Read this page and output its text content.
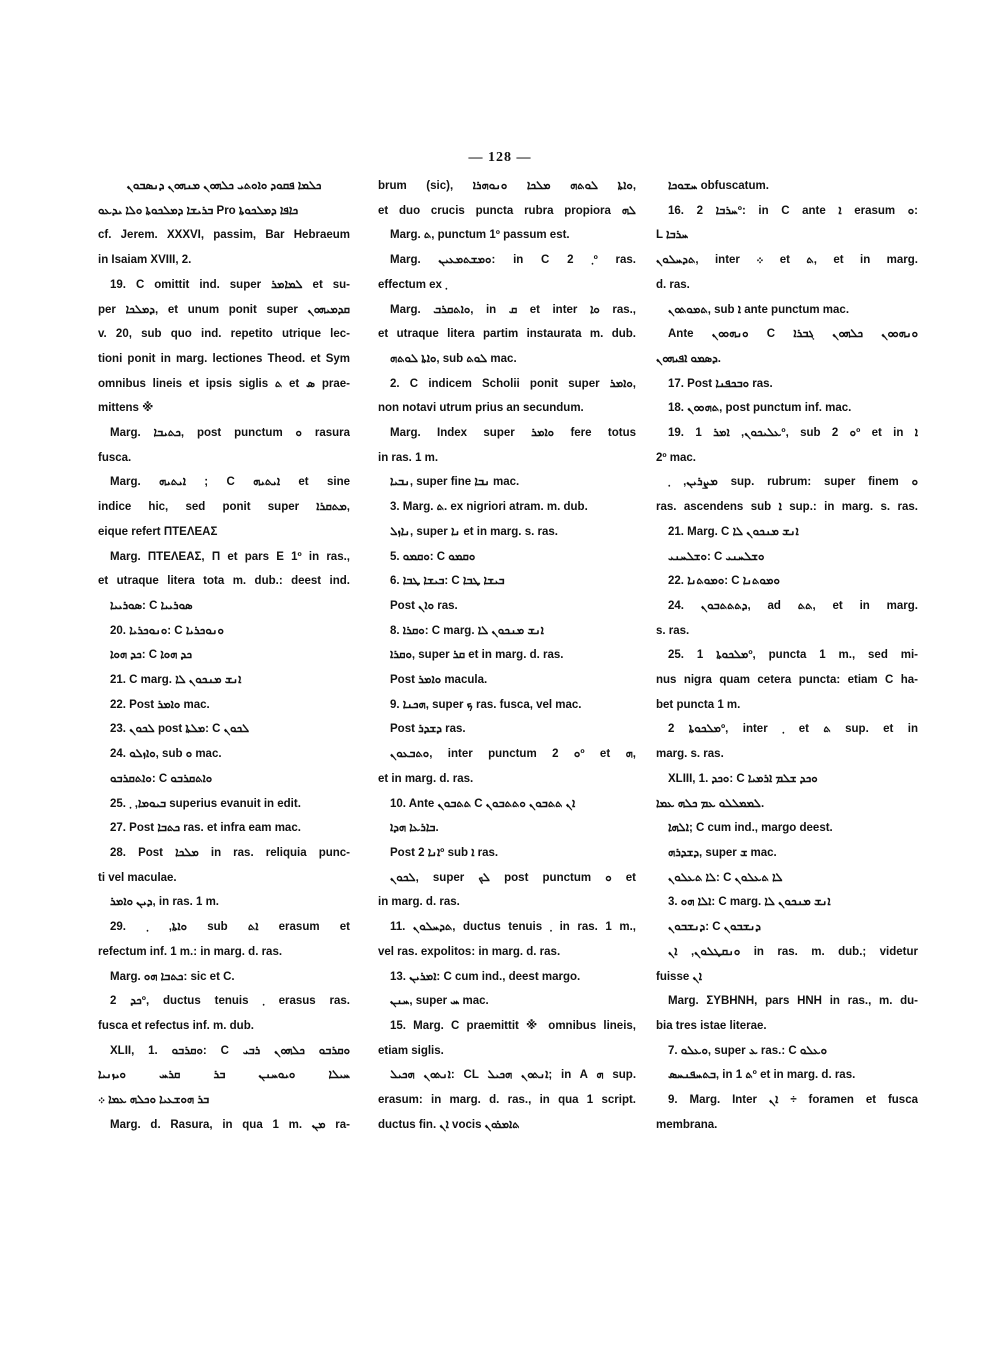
— 128 —
ܟܠܡܐ ܦܩܘܕ ܘܐܘܬܝ ܟܠܗܘܢ ܡܢܗܘܢ ܕܢܣܒܘܢ
ܒܪܝܫܐ ܕܡܠܟܘܬܐ ܘܠܐ ܝܕܥܘ Pro ܟܐܦܐ ܕܡܠܟܘܬܐ
cf. Jerem. XXXVI, passim, Bar Hebraeum
in Isaiam XVIII, 2.
19. C omittit ind. super ܠܡܐܡܪ et su-
per ܕܡܠܟܐ, et unum ponit super ܩܕܡܝܗܘܢ
v. 20, sub quo ind. repetito utrique lec-
tioni ponit in marg. lectiones Theod. et Sym
omnibus lineis et ipsis siglis ܬ et ܣ prae-
mittens ※
Marg. ܟܬܝܒܐ, post punctum ܘ rasura
fusca.
Marg. ܐܝܬܝܗ ; C ܐܝܬܝܗ et sine
indice hic, sed ponit super ܡܬܩܪܐ,
eique refert ΠΤΕΛΕΑΣ
Marg. ΠΤΕΛΕΑΣ, Π et pars Ε 1º in ras.,
et utraque litera tota m. dub.: deest ind.
ܣܘܪܝܝܐ: C ܣܘܪܝܝܐ
20. ܘܢܘܟܪܝܐ: C ܘܢܘܟܪܝܐ
ܟܕ ܗܘܐ: C ܟܕ ܗܘܐ
21. C marg. ܐܢܫ ܡܢܟܘܢ ܠܐ
22. Post ܘܐܡܪ mac.
23. ܠܟܘܢ post ܡܠܬܐ: C ܠܟܘܢ
24. ܘܐܙܠܘ, sub ܘ mac.
ܘܐܬܩܪܒܘ: C ܘܐܬܩܪܒܘ
25. ܒܝܘܡܐ, ܂ superius evanuit in edit.
27. Post ܟܬܒܐ ras. et infra eam mac.
28. Post ܡܠܟܐ in ras. reliquia punc-
ti vel maculae.
ܕܝܢ ܘܐܡܪ, in ras. 1 m.
29. ܘܐܬܐ, ܂ sub ܐܬ erasum et
refectum inf. 1 m.: in marg. d. ras.
Marg. ܟܬܒܐ ܗܘ: sic et C.
ܟܕ 2º, ductus tenuis ܂ erasus ras.
fusca et refectus inf. m. dub.
XLII, 1. ܘܩܪܒܘ: C ܘܩܪܒܘ ܟܠܗܘܢ ܪܒܝ
ܚܝܠܐ ܘܝܘܚܢܢ ܒܪ ܩܪܚ ܘܝܙܢܝܐ
ܒܪ ܗܘܫܥܝܐ ܘܟܠܗ ܥܡܐ ܀
Marg. d. Rasura, in qua 1 m. ܡܢ ra-
brum (sic), ܘܐܬܐ ܠܘܬܗ ܡܠܟܐ ܘܢܘܗܪܐ,
et duo crucis puncta rubra propiora ܠܗ
Marg. ܬ, punctum 1º passum est.
Marg. ܘܡܫܬܡܥܝܢ: in C ܂ 2º ras.
effectum ex ܂
Marg. ܘܐܬܩܪܒ, in ܩ et inter ܘܐ ras.,
et utraque litera partim instaurata m. dub.
ܘܐܬܐ ܠܘܬܗ, sub ܠܘܬ mac.
2. C indicem Scholii ponit super ܘܐܡܪ,
non notavi utrum prius an secundum.
Marg. Index super ܘܐܡܪ fere totus
in ras. 1 m.
ܢܒܝܐ, super fine ܢܒܐ mac.
3. Marg. ܬ. ex nigriori atram. m. dub.
ܢܐܙܠ, super ܢܐ et in marg. s. ras.
5. ܘܩܡܘ: C ܘܩܡܘ
6. ܒܝܫܐ ܛܒܐ: C ܒܝܫܐ ܛܒܐ
Post ܘܐܢ ras.
8. ܘܩܪܐ: C marg. ܐܢܫ ܡܢܟܘܢ ܠܐ
ܘܩܪܐ, super ܩܪ et in marg. d. ras.
Post ܘܐܡܪ macula.
9. ܗܟܢܐ, super ܟ ras. fusca, vel mac.
Post ܕܫܕܪ ras.
ܘܬܒܥܘܢ, inter punctum ܘ 2º et ܗ,
et in marg. d. ras.
10. Ante ܬܬܒܘܢ C ܐܢ ܬܬܒܘܢ ܘܬܬܒܘܢ
ܒܐܪܥܐ ܗܕܐ.
Post ܐܢܐ 2º sub ܐ ras.
ܠܟܘܢ, super ܠܟ post punctum ܘ et
in marg. d. ras.
11. ܬܕܚܠܘܢ, ductus tenuis ܂ in ras. 1 m.,
vel ras. expolitos: in marg. d. ras.
13. ܐܡܪܝܢ: C cum ind., deest margo.
ܚܢܢ, super ܚ mac.
15. Marg. C praemittit ※ omnibus lineis,
etiam siglis.
ܐܢܬܘܢ ܗܟܝܠ: CL ܐܢܬܘܢ ܗܟܝܠ; in A ܗ sup.
erasum: in marg. d. ras., in qua 1 script.
ductus fin. ܐܢ vocis ܬܐܡܪܘܢ
ܚܫܘܟܐ obfuscatum.
16. ܚܪܒܐ 2º: in C ante ܐ erasum ܘ:
L ܚܪܒܐ
ܬܕܚܠܘܢ, inter ܀ et ܬ, et in marg.
d. ras.
ܬܡܘܬܘܢ, sub ܐ ante punctum mac.
Ante ܘܢܗܘܘܢ C ܘܢܗܘܘܢ ܟܠܗܘܢ ܓܒܪܐ
ܕܣܡܘ ܐܦܝܗܘܢ.
17. Post ܘܒܟܦܢܐ ras.
18. ܬܗܘܘܢ, post punctum inf. mac.
19. ܥܠܝܟܘܢ, ܐܡܪ 1º, sub ܘ 2º et in ܐ
2º mac.
ܡܨܪܝܢ, ܂ sup. rubrum: super finem ܘ
ras. ascendens sub ܐ sup.: in marg. s. ras.
21. Marg. C ܐܢܫ ܡܢܟܘܢ ܠܐ
ܘܫܠܚܢܝ: C ܘܫܠܚܢܝ
22. ܘܡܘܬܢܐ: C ܘܡܘܬܢܐ
24. ܕܬܬܬܒܘܢ, ad ܬܬ, et in marg.
s. ras.
25. ܡܠܟܘܬܐ 1º, puncta 1 m., sed mi-
nus nigra quam cetera puncta: etiam C ha-
bet puncta 1 m.
ܡܠܟܘܬܐ 2º, inter ܂ et ܬ sup. et in
marg. s. ras.
XLIII, 1. ܘܟܕ: C ܘܟܕ ܫܠܡ ܐܪܡܝܐ
ܠܡܡܠܠܘ ܥܡ ܟܠܗ ܥܡܐ.
ܐܠܗܐ; C cum ind., margo deest.
ܕܫܕܪܗ, super ܫ mac.
ܠܐ ܬܥܠܘܢ: C ܠܐ ܬܥܠܘܢ
3. ܐܠܐ ܗܘ: C marg. ܐܢܫ ܡܢܟܘܢ ܠܐ
ܕܢܫܒܘܢ: C ܕܢܫܒܘܢ
ܘܢܩܛܠܘܢ, ܐܢ in ras. m. dub.; videtur
fuisse ܐܢ
Marg. ΣΥΒΗΝΗ, pars ΗΝΗ in ras., m. du-
bia tres istae literae.
7. ܘܥܠܘ, super ܥ ras.: C ܘܥܠܘ
ܒܬܚܦܢܚܣ, in ܬ 1º et in marg. d. ras.
9. Marg. Inter ܐܢ ÷ foramen et fusca
membrana.
